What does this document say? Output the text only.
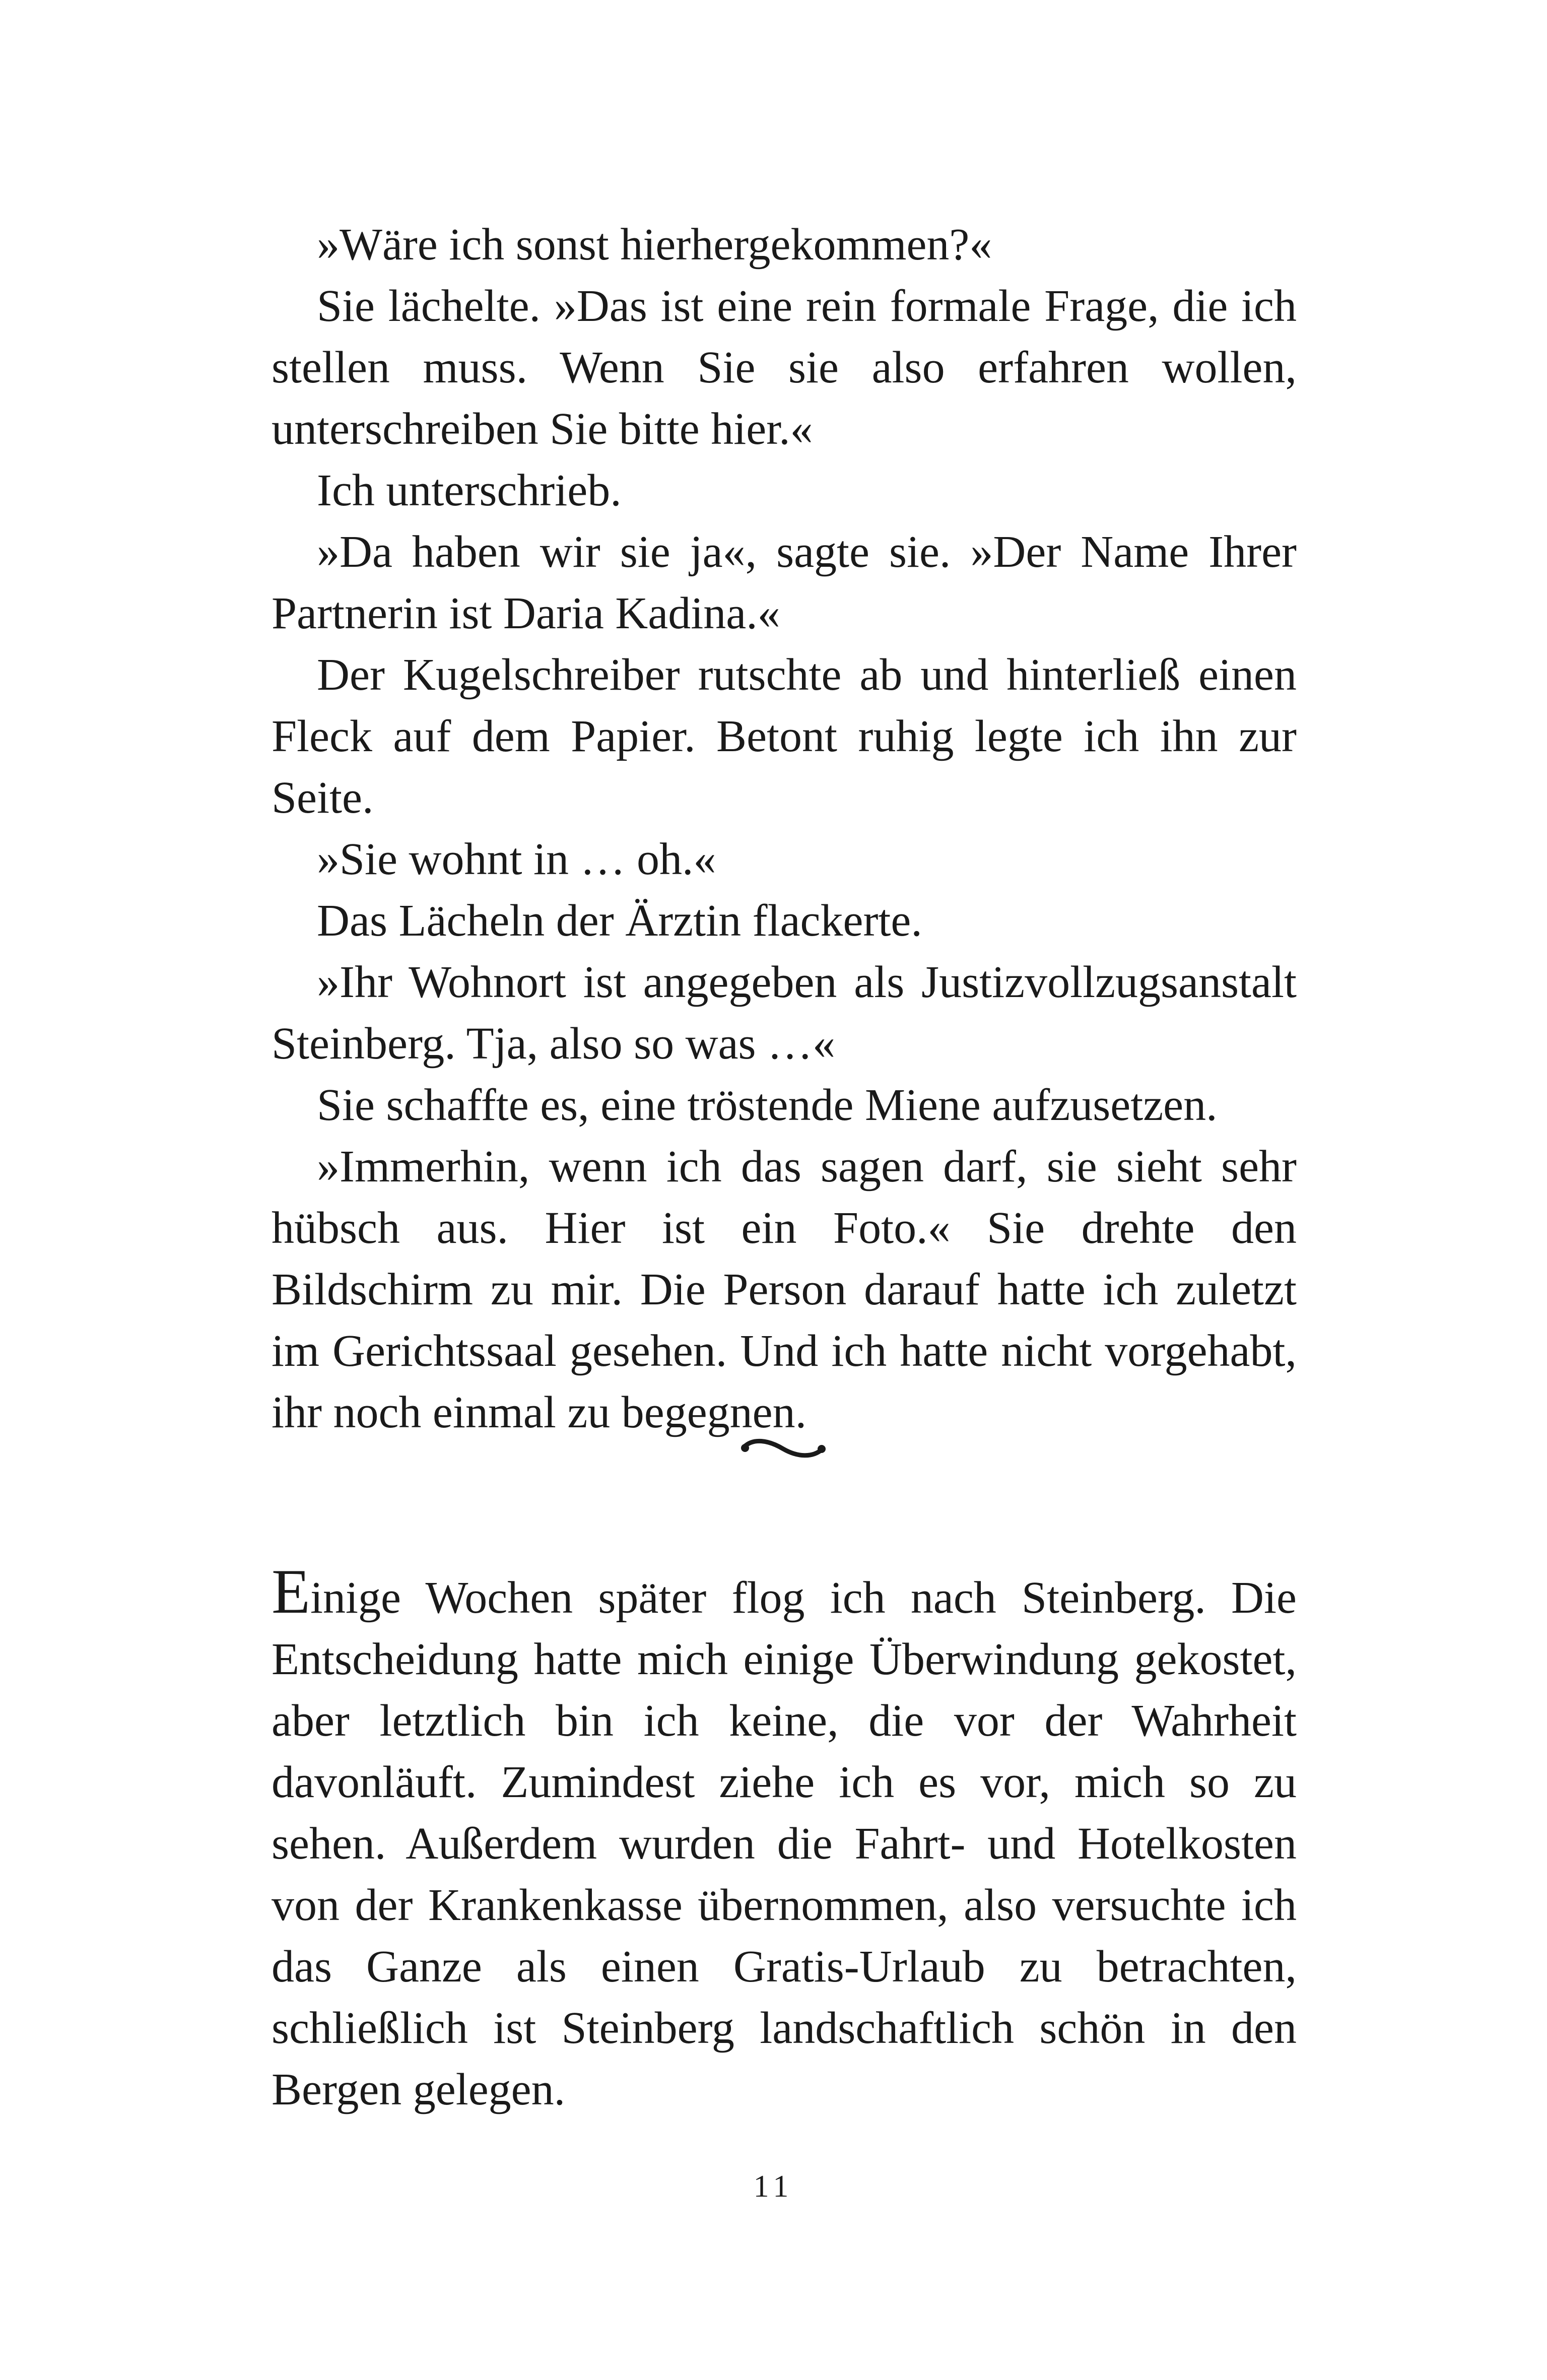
»Wäre ich sonst hierhergekommen?«

Sie lächelte. »Das ist eine rein formale Frage, die ich stellen muss. Wenn Sie sie also erfahren wollen, unterschreiben Sie bitte hier.«

Ich unterschrieb.

»Da haben wir sie ja«, sagte sie. »Der Name Ihrer Partnerin ist Daria Kadina.«

Der Kugelschreiber rutschte ab und hinterließ einen Fleck auf dem Papier. Betont ruhig legte ich ihn zur Seite.

»Sie wohnt in … oh.«

Das Lächeln der Ärztin flackerte.

»Ihr Wohnort ist angegeben als Justizvollzugsanstalt Steinberg. Tja, also so was …«

Sie schaffte es, eine tröstende Miene aufzusetzen.

»Immerhin, wenn ich das sagen darf, sie sieht sehr hübsch aus. Hier ist ein Foto.« Sie drehte den Bildschirm zu mir. Die Person darauf hatte ich zuletzt im Gerichtssaal gesehen. Und ich hatte nicht vorgehabt, ihr noch einmal zu begegnen.

Einige Wochen später flog ich nach Steinberg. Die Entscheidung hatte mich einige Überwindung gekostet, aber letztlich bin ich keine, die vor der Wahrheit davonläuft. Zumindest ziehe ich es vor, mich so zu sehen. Außerdem wurden die Fahrt- und Hotelkosten von der Krankenkasse übernommen, also versuchte ich das Ganze als einen Gratis-Urlaub zu betrachten, schließlich ist Steinberg landschaftlich schön in den Bergen gelegen.

11
